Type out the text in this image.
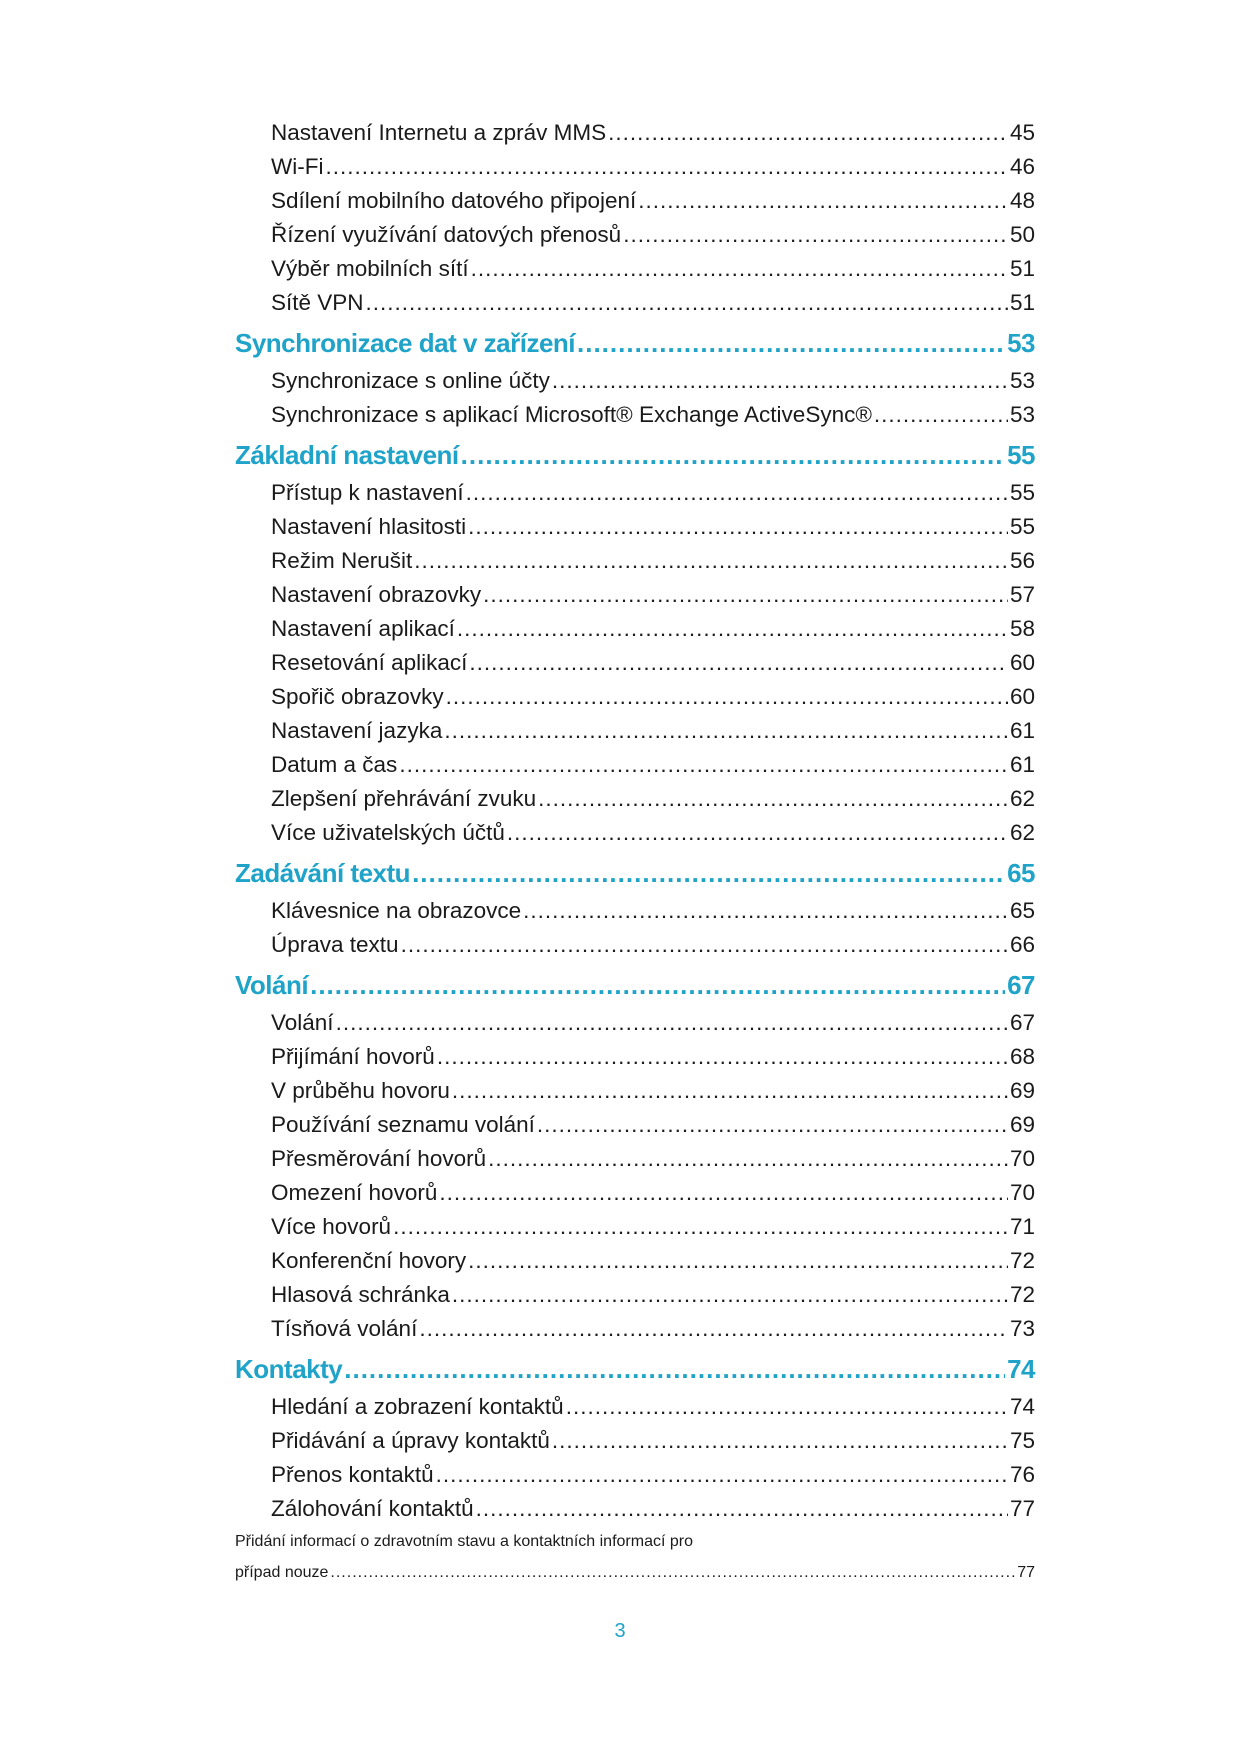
Nastavení Internetu a zpráv MMS .....	45
Wi-Fi .....	46
Sdílení mobilního datového připojení .....	48
Řízení využívání datových přenosů .....	50
Výběr mobilních sítí .....	51
Sítě VPN .....	51
Synchronizace dat v zařízení .....	53
Synchronizace s online účty .....	53
Synchronizace s aplikací Microsoft® Exchange ActiveSync® .....	53
Základní nastavení .....	55
Přístup k nastavení .....	55
Nastavení hlasitosti .....	55
Režim Nerušit .....	56
Nastavení obrazovky .....	57
Nastavení aplikací .....	58
Resetování aplikací .....	60
Spořič obrazovky .....	60
Nastavení jazyka .....	61
Datum a čas .....	61
Zlepšení přehrávání zvuku .....	62
Více uživatelských účtů .....	62
Zadávání textu .....	65
Klávesnice na obrazovce .....	65
Úprava textu .....	66
Volání .....	67
Volání .....	67
Přijímání hovorů .....	68
V průběhu hovoru .....	69
Používání seznamu volání .....	69
Přesměrování hovorů .....	70
Omezení hovorů .....	70
Více hovorů .....	71
Konferenční hovory .....	72
Hlasová schránka .....	72
Tísňová volání .....	73
Kontakty .....	74
Hledání a zobrazení kontaktů .....	74
Přidávání a úpravy kontaktů .....	75
Přenos kontaktů .....	76
Zálohování kontaktů .....	77
Přidání informací o zdravotním stavu a kontaktních informací pro
případ nouze .....	77
3
